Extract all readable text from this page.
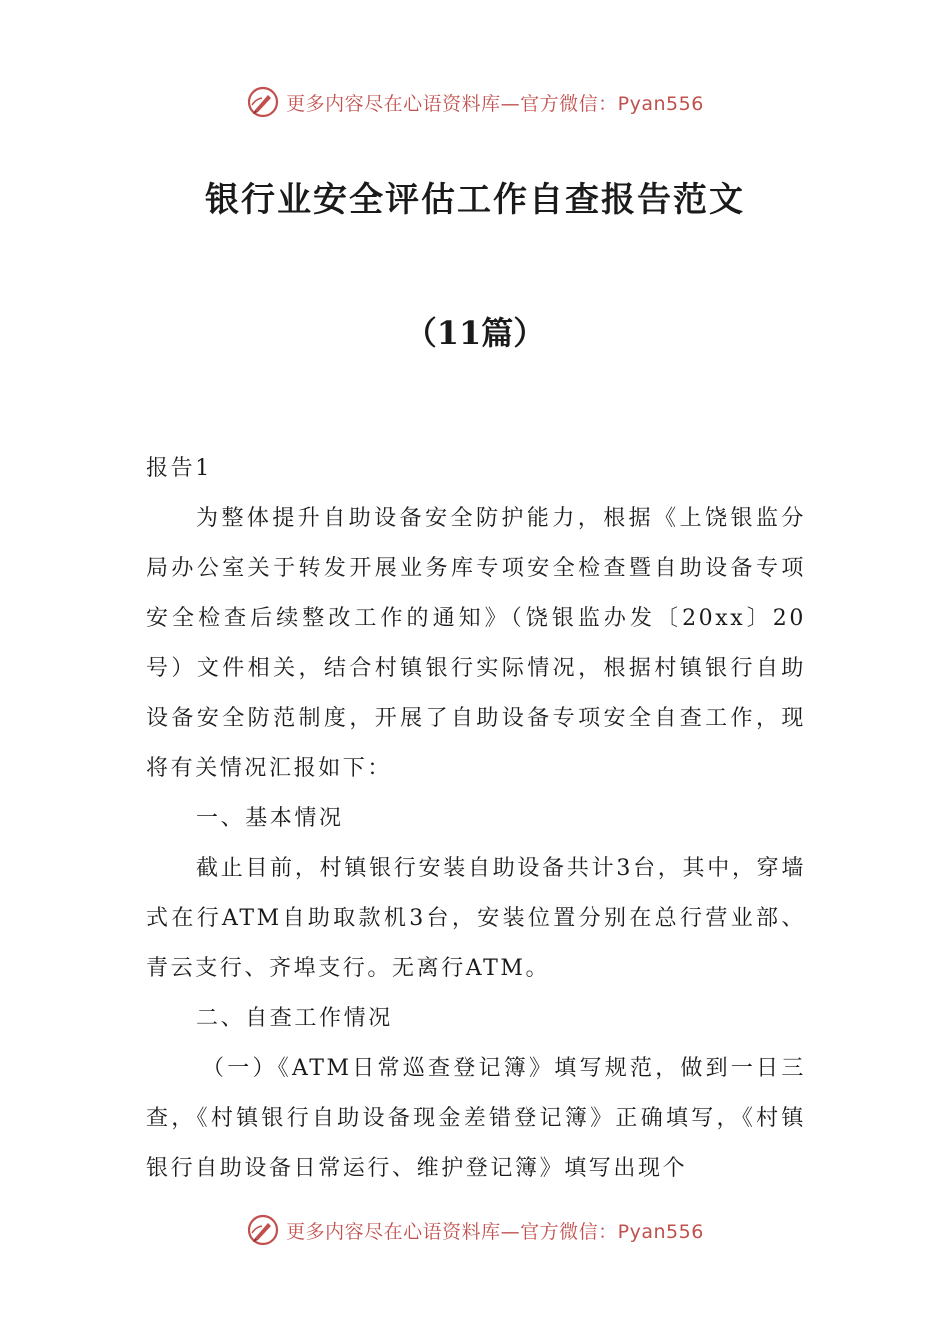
更多内容尽在心语资料库—官方微信：Pyan556
银行业安全评估工作自查报告范文
（11篇）

报告1

为整体提升自助设备安全防护能力，根据《上饶银监分局办公室关于转发开展业务库专项安全检查暨自助设备专项安全检查后续整改工作的通知》（饶银监办发〔20xx〕20号）文件相关，结合村镇银行实际情况，根据村镇银行自助设备安全防范制度，开展了自助设备专项安全自查工作，现将有关情况汇报如下：

一、基本情况

截止目前，村镇银行安装自助设备共计3台，其中，穿墙式在行ATM自助取款机3台，安装位置分别在总行营业部、青云支行、齐埠支行。无离行ATM。

二、自查工作情况

（一）《ATM日常巡查登记簿》填写规范，做到一日三查，《村镇银行自助设备现金差错登记簿》正确填写，《村镇银行自助设备日常运行、维护登记簿》填写出现个

更多内容尽在心语资料库—官方微信：Pyan556
